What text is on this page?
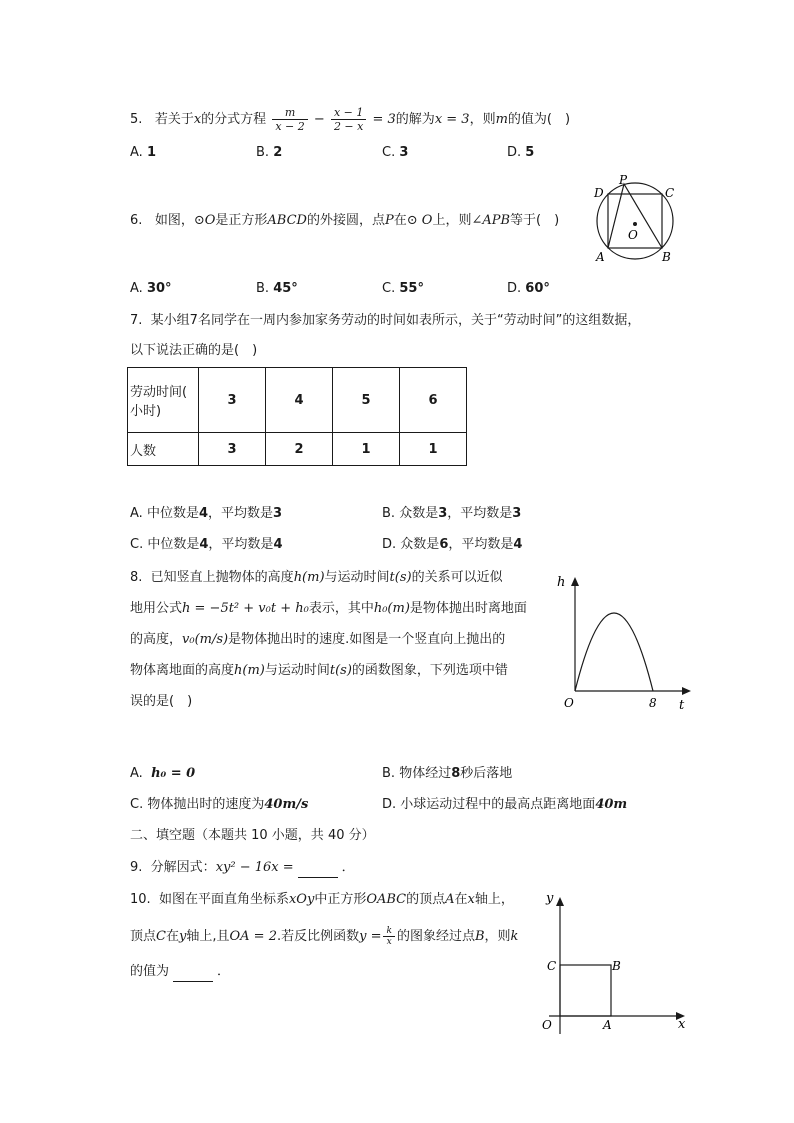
5. 若关于x的分式方程 $\frac{m}{x - 2} - \frac{x - 1}{2 - x} = 3$的解为x = 3，则m的值为(　)
A. 1	B. 2	C. 3	D. 5
6. 如图，⊙O是正方形ABCD的外接圆，点P在⊙ O上，则∠APB等于(　)
D
P
C
O
A	B
A. 30°	B. 45°	C. 55°	D. 60°
7. 某小组7名同学在一周内参加家务劳动的时间如表所示，关于“劳动时间”的这组数据，
以下说法正确的是(　)
劳动时间(
小时)	3	4	5	6
人数	3	2	1	1
A. 中位数是4，平均数是3	B. 众数是3，平均数是3
C. 中位数是4，平均数是4	D. 众数是6，平均数是4
8. 已知竖直上抛物体的高度h(m)与运动时间t(s)的关系可以近似
地用公式h = −5t² + v₀t + h₀表示，其中h₀(m)是物体抛出时离地面
的高度，v₀(m/s)是物体抛出时的速度.如图是一个竖直向上抛出的
物体离地面的高度h(m)与运动时间t(s)的函数图象，下列选项中错
误的是(　)
h
t
O	8
A. h₀ = 0	B. 物体经过8秒后落地
C. 物体抛出时的速度为40m/s	D. 小球运动过程中的最高点距离地面40m
二、填空题（本题共 10 小题，共 40 分）
9. 分解因式：xy² − 16x =	．
10. 如图在平面直角坐标系xOy中正方形OABC的顶点A在x轴上，
顶点C在y轴上,且OA = 2.若反比例函数$y = \frac{k}{x}$ 的图象经过点B，则k
的值为	．
y
x
O	A
B
C
